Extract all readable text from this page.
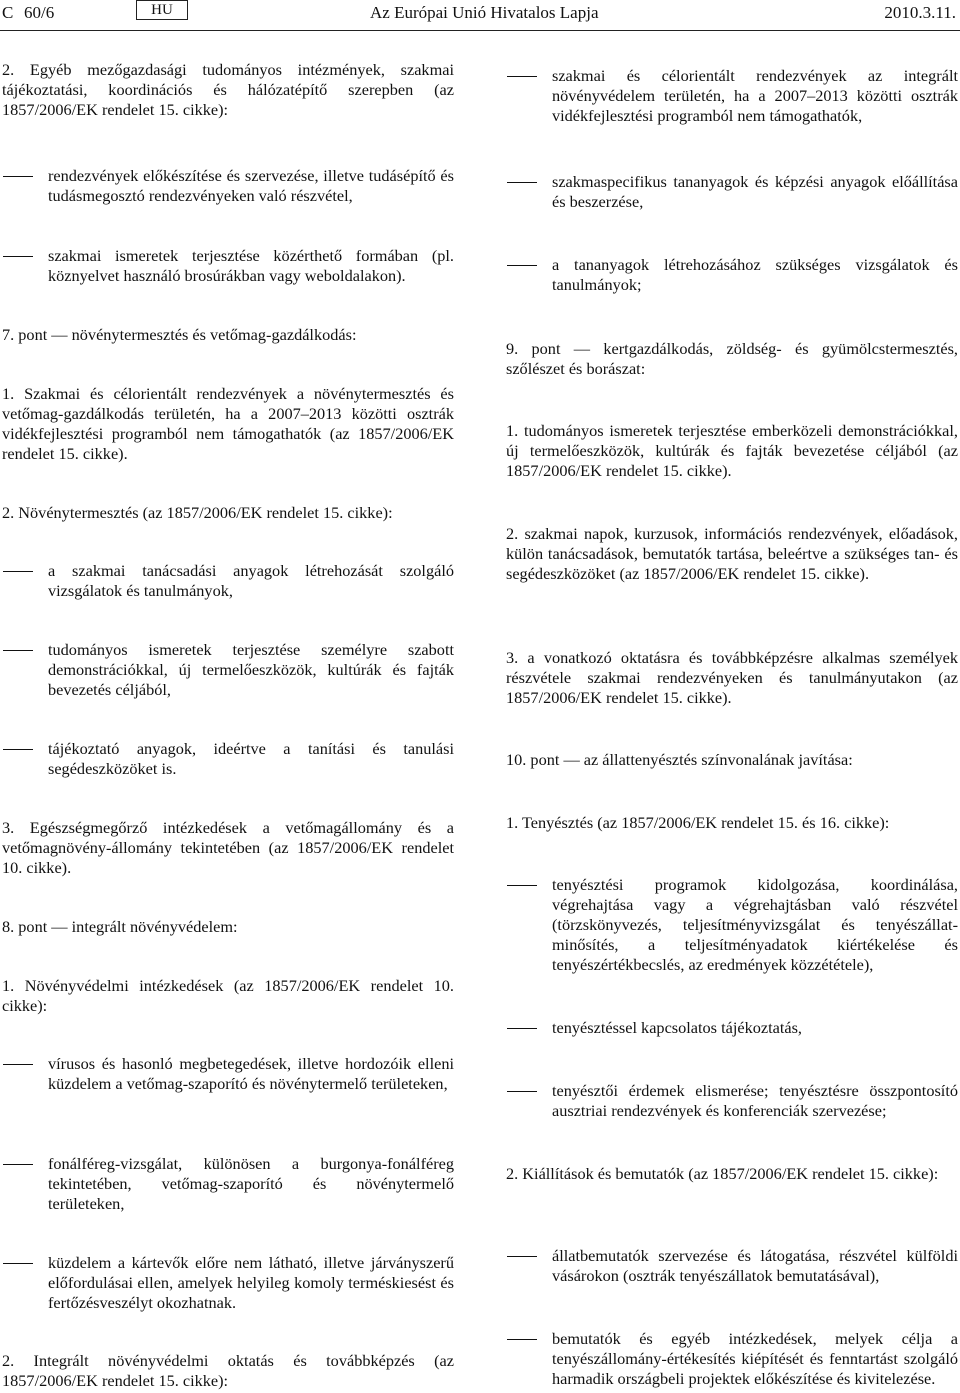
C 60/6	HU	Az Európai Unió Hivatalos Lapja	2010.3.11.

2. Egyéb mezőgazdasági tudományos intézmények, szakmai tájékoztatási, koordinációs és hálózatépítő szerepben (az 1857/2006/EK rendelet 15. cikke):

rendezvények előkészítése és szervezése, illetve tudásépítő és tudásmegosztó rendezvényeken való részvétel,

szakmai ismeretek terjesztése közérthető formában (pl. köznyelvet használó brosúrákban vagy weboldalakon).

7. pont — növénytermesztés és vetőmag-gazdálkodás:

1. Szakmai és célorientált rendezvények a növénytermesztés és vetőmag-gazdálkodás területén, ha a 2007–2013 közötti osztrák vidékfejlesztési programból nem támogathatók (az 1857/2006/EK rendelet 15. cikke).

2. Növénytermesztés (az 1857/2006/EK rendelet 15. cikke):

a szakmai tanácsadási anyagok létrehozását szolgáló vizsgálatok és tanulmányok,

tudományos ismeretek terjesztése személyre szabott demonstrációkkal, új termelőeszközök, kultúrák és fajták bevezetés céljából,

tájékoztató anyagok, ideértve a tanítási és tanulási segédeszközöket is.

3. Egészségmegőrző intézkedések a vetőmagállomány és a vetőmagnövény-állomány tekintetében (az 1857/2006/EK rendelet 10. cikke).

8. pont — integrált növényvédelem:

1. Növényvédelmi intézkedések (az 1857/2006/EK rendelet 10. cikke):

vírusos és hasonló megbetegedések, illetve hordozóik elleni küzdelem a vetőmag-szaporító és növénytermelő területeken,

fonálféreg-vizsgálat, különösen a burgonya-fonálféreg tekintetében, vetőmag-szaporító és növénytermelő területeken,

küzdelem a kártevők előre nem látható, illetve járványszerű előfordulásai ellen, amelyek helyileg komoly terméskiesést és fertőzésveszélyt okozhatnak.

2. Integrált növényvédelmi oktatás és továbbképzés (az 1857/2006/EK rendelet 15. cikke):

szakmai és célorientált rendezvények az integrált növényvédelem területén, ha a 2007–2013 közötti osztrák vidékfejlesztési programból nem támogathatók,

szakmaspecifikus tananyagok és képzési anyagok előállítása és beszerzése,

a tananyagok létrehozásához szükséges vizsgálatok és tanulmányok;

9. pont — kertgazdálkodás, zöldség- és gyümölcstermesztés, szőlészet és borászat:

1. tudományos ismeretek terjesztése emberközeli demonstrációkkal, új termelőeszközök, kultúrák és fajták bevezetése céljából (az 1857/2006/EK rendelet 15. cikke).

2. szakmai napok, kurzusok, információs rendezvények, előadások, külön tanácsadások, bemutatók tartása, beleértve a szükséges tan- és segédeszközöket (az 1857/2006/EK rendelet 15. cikke).

3. a vonatkozó oktatásra és továbbképzésre alkalmas személyek részvétele szakmai rendezvényeken és tanulmányutakon (az 1857/2006/EK rendelet 15. cikke).

10. pont — az állattenyésztés színvonalának javítása:

1. Tenyésztés (az 1857/2006/EK rendelet 15. és 16. cikke):

tenyésztési programok kidolgozása, koordinálása, végrehajtása vagy a végrehajtásban való részvétel (törzskönyvezés, teljesítményvizsgálat és tenyészállat-minősítés, a teljesítményadatok kiértékelése és tenyészértékbecslés, az eredmények közzététele),

tenyésztéssel kapcsolatos tájékoztatás,

tenyésztői érdemek elismerése; tenyésztésre összpontosító ausztriai rendezvények és konferenciák szervezése;

2. Kiállítások és bemutatók (az 1857/2006/EK rendelet 15. cikke):

állatbemutatók szervezése és látogatása, részvétel külföldi vásárokon (osztrák tenyészállatok bemutatásával),

bemutatók és egyéb intézkedések, melyek célja a tenyészállomány-értékesítés kiépítését és fenntartást szolgáló harmadik országbeli projektek előkészítése és kivitelezése.
